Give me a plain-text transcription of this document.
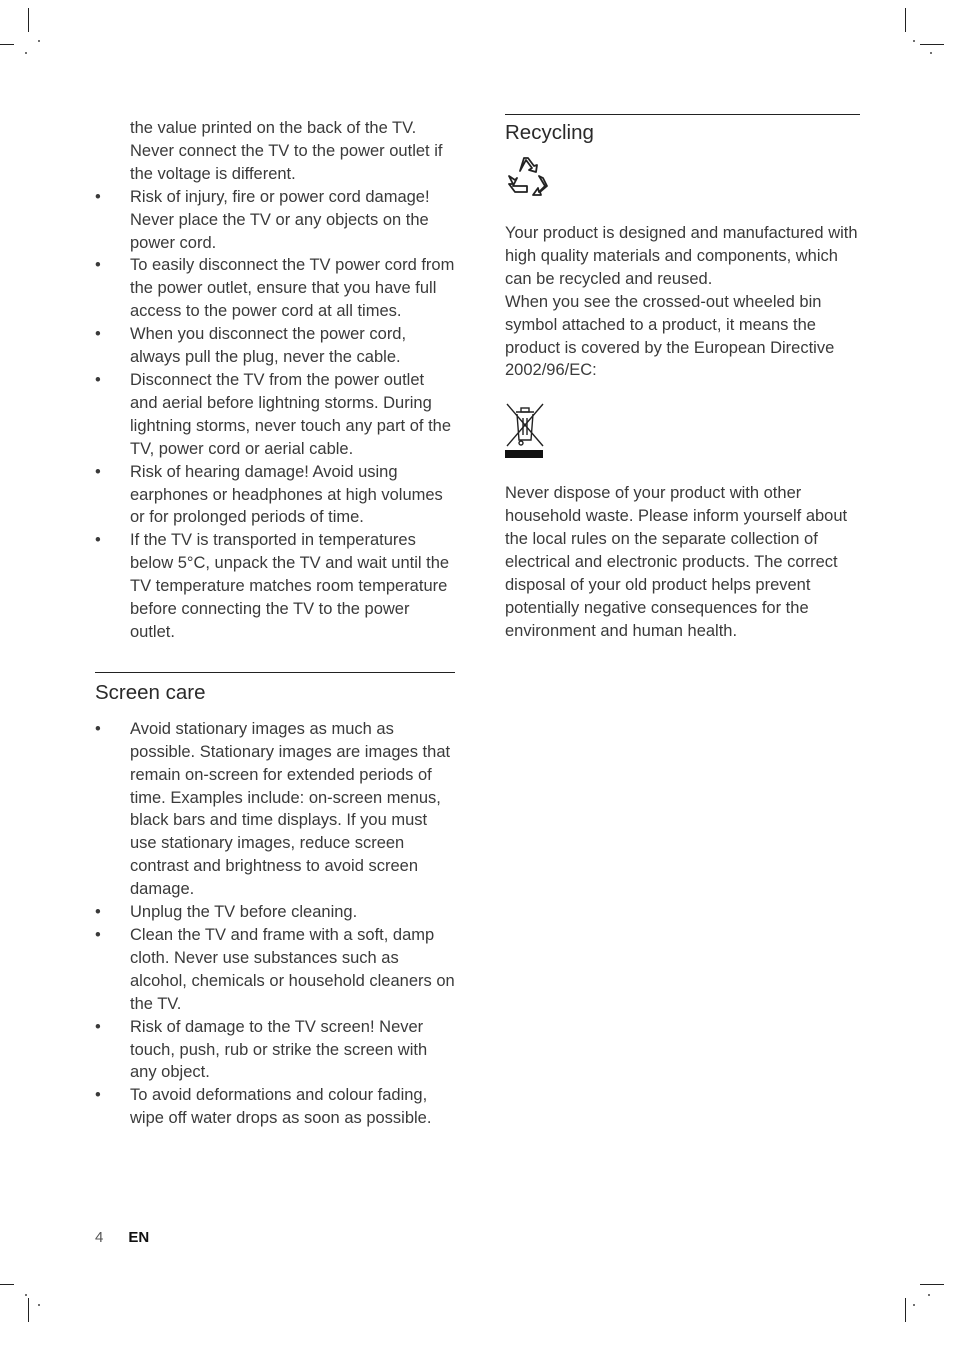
the value printed on the back of the TV. Never connect the TV to the power outlet if the voltage is different.

• Risk of injury, fire or power cord damage! Never place the TV or any objects on the power cord.
• To easily disconnect the TV power cord from the power outlet, ensure that you have full access to the power cord at all times.
• When you disconnect the power cord, always pull the plug, never the cable.
• Disconnect the TV from the power outlet and aerial before lightning storms. During lightning storms, never touch any part of the TV, power cord or aerial cable.
• Risk of hearing damage! Avoid using earphones or headphones at high volumes or for prolonged periods of time.
• If the TV is transported in temperatures below 5°C, unpack the TV and wait until the TV temperature matches room temperature before connecting the TV to the power outlet.
Screen care
• Avoid stationary images as much as possible. Stationary images are images that remain on-screen for extended periods of time. Examples include: on-screen menus, black bars and time displays. If you must use stationary images, reduce screen contrast and brightness to avoid screen damage.
• Unplug the TV before cleaning.
• Clean the TV and frame with a soft, damp cloth. Never use substances such as alcohol, chemicals or household cleaners on the TV.
• Risk of damage to the TV screen! Never touch, push, rub or strike the screen with any object.
• To avoid deformations and colour fading, wipe off water drops as soon as possible.
Recycling

Your product is designed and manufactured with high quality materials and components, which can be recycled and reused.

When you see the crossed-out wheeled bin symbol attached to a product, it means the product is covered by the European Directive 2002/96/EC:

Never dispose of your product with other household waste. Please inform yourself about the local rules on the separate collection of electrical and electronic products. The correct disposal of your old product helps prevent potentially negative consequences for the environment and human health.

4 EN
